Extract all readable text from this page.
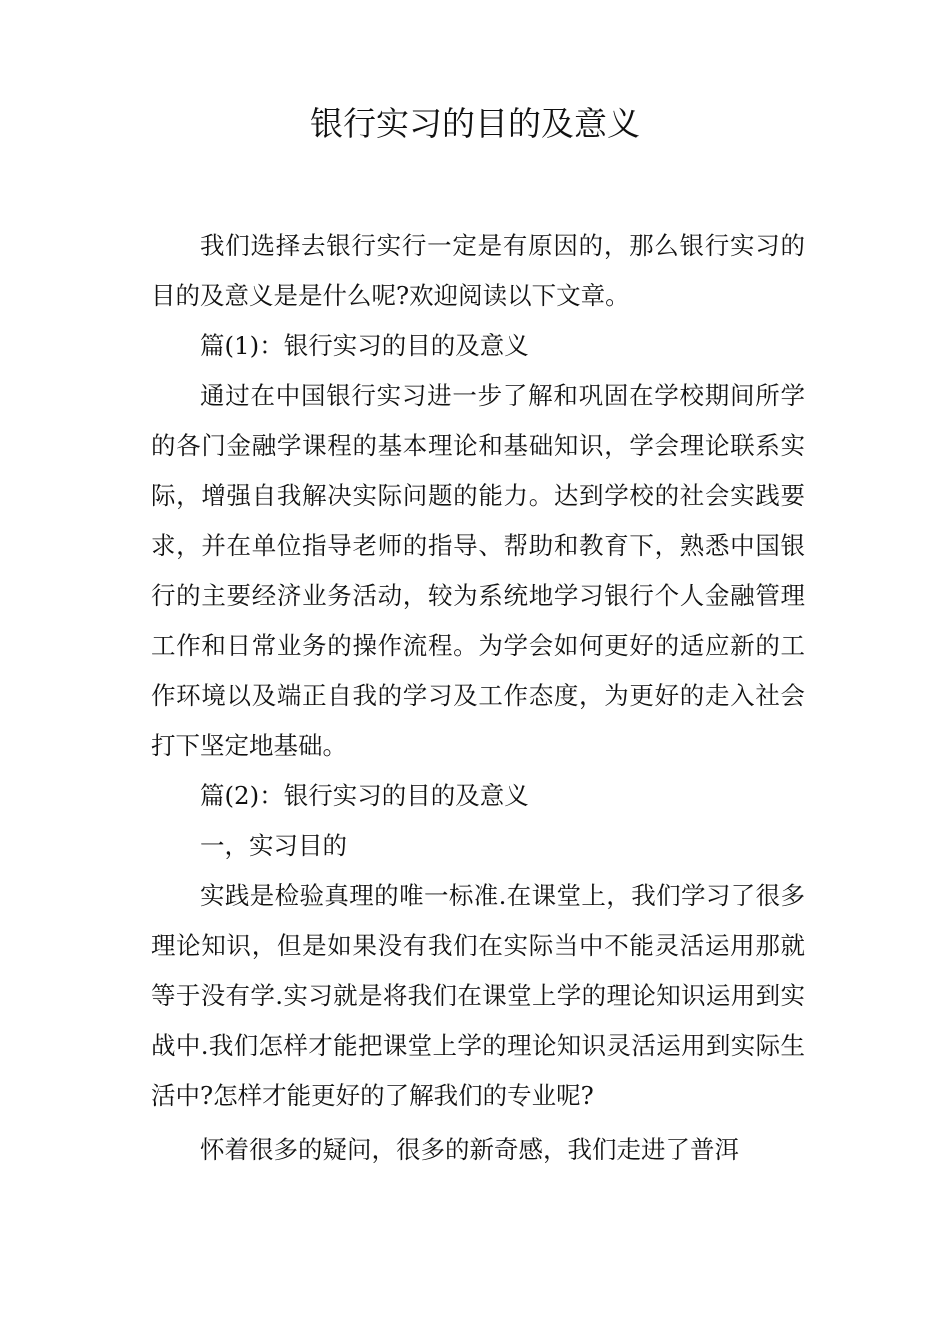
银行实习的目的及意义

我们选择去银行实行一定是有原因的，那么银行实习的目的及意义是是什么呢?欢迎阅读以下文章。

篇(1)：银行实习的目的及意义

通过在中国银行实习进一步了解和巩固在学校期间所学的各门金融学课程的基本理论和基础知识，学会理论联系实际，增强自我解决实际问题的能力。达到学校的社会实践要求，并在单位指导老师的指导、帮助和教育下，熟悉中国银行的主要经济业务活动，较为系统地学习银行个人金融管理工作和日常业务的操作流程。为学会如何更好的适应新的工作环境以及端正自我的学习及工作态度，为更好的走入社会打下坚定地基础。

篇(2)：银行实习的目的及意义

一，实习目的

实践是检验真理的唯一标准.在课堂上，我们学习了很多理论知识，但是如果没有我们在实际当中不能灵活运用那就等于没有学.实习就是将我们在课堂上学的理论知识运用到实战中.我们怎样才能把课堂上学的理论知识灵活运用到实际生活中?怎样才能更好的了解我们的专业呢?

怀着很多的疑问，很多的新奇感，我们走进了普洱
